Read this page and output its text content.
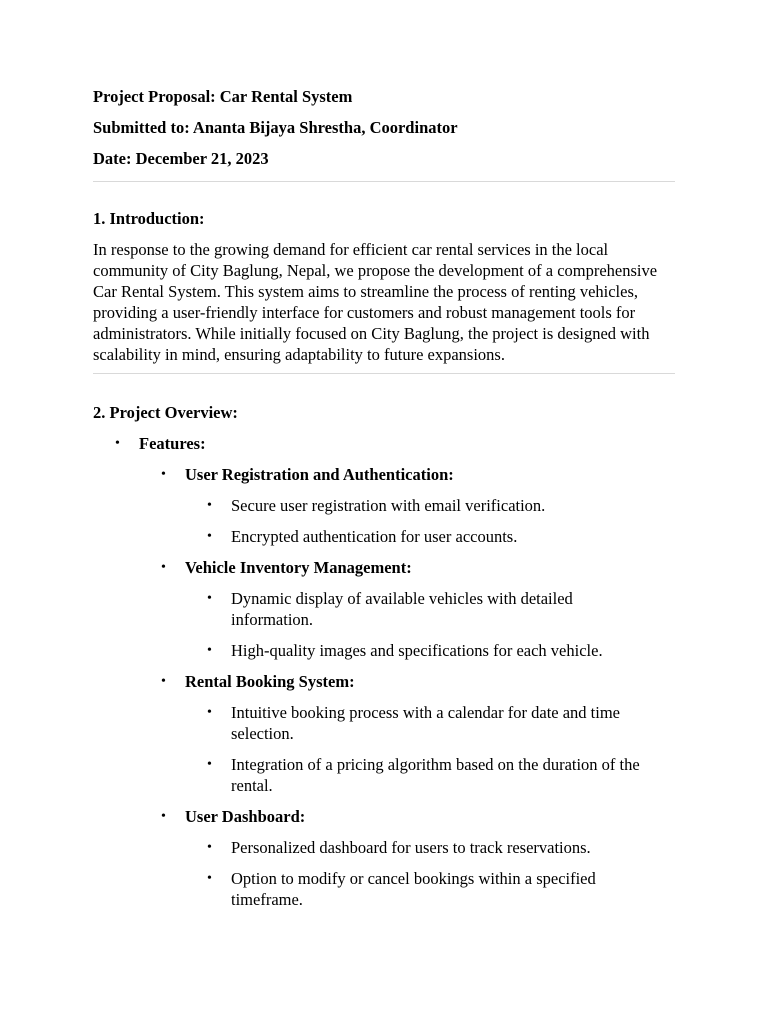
Project Proposal: Car Rental System

Submitted to: Ananta Bijaya Shrestha, Coordinator

Date: December 21, 2023

1. Introduction:

In response to the growing demand for efficient car rental services in the local community of City Baglung, Nepal, we propose the development of a comprehensive Car Rental System. This system aims to streamline the process of renting vehicles, providing a user-friendly interface for customers and robust management tools for administrators. While initially focused on City Baglung, the project is designed with scalability in mind, ensuring adaptability to future expansions.

2. Project Overview:

• Features:
• User Registration and Authentication:
• Secure user registration with email verification.
• Encrypted authentication for user accounts.
• Vehicle Inventory Management:
• Dynamic display of available vehicles with detailed information.
• High-quality images and specifications for each vehicle.
• Rental Booking System:
• Intuitive booking process with a calendar for date and time selection.
• Integration of a pricing algorithm based on the duration of the rental.
• User Dashboard:
• Personalized dashboard for users to track reservations.
• Option to modify or cancel bookings within a specified timeframe.
